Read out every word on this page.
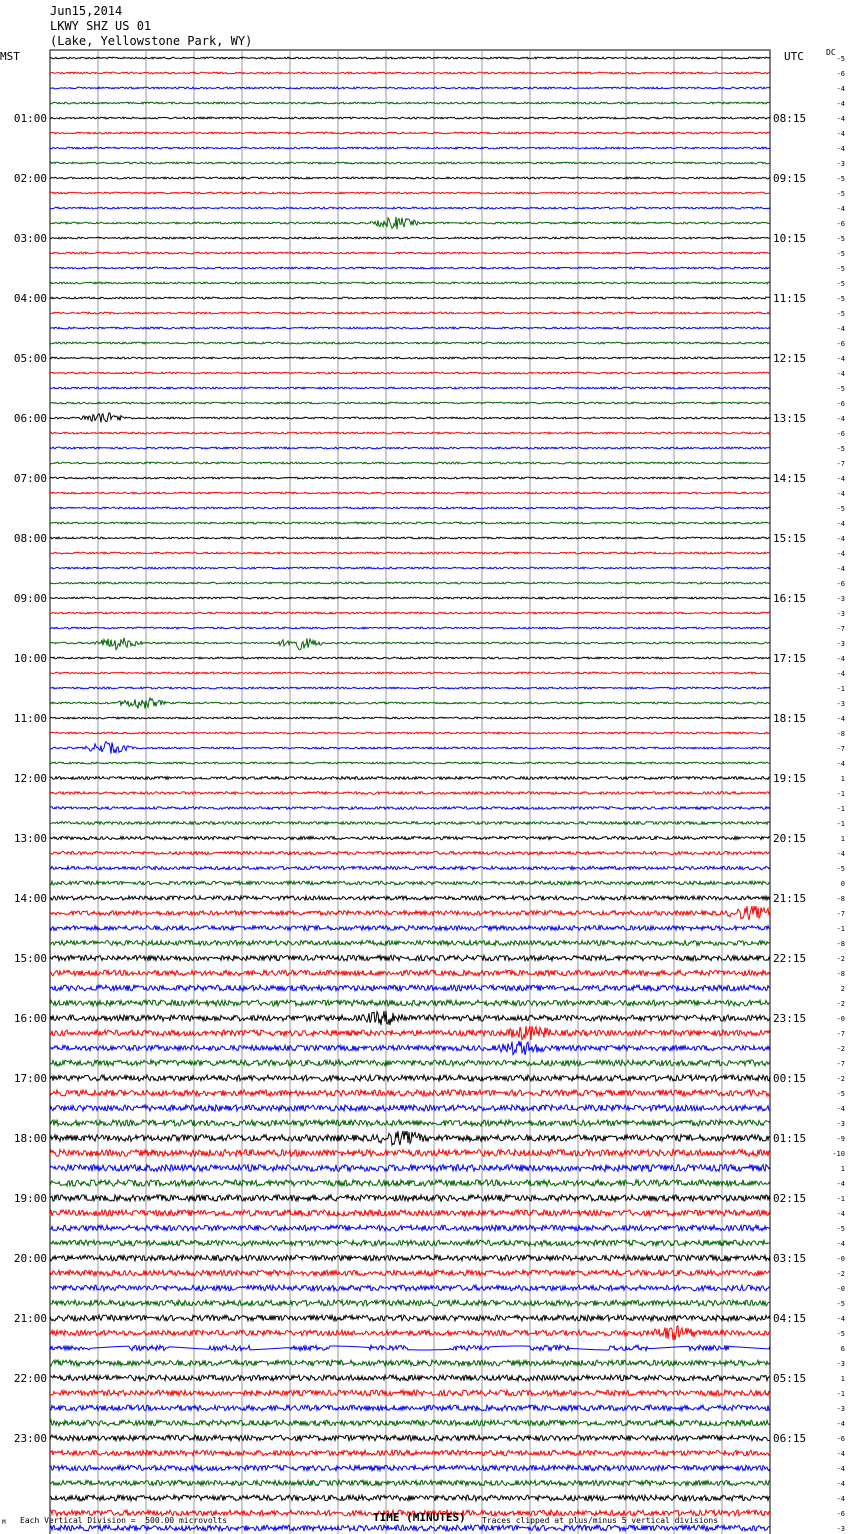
Jun15,2014
LKWY SHZ US 01
(Lake, Yellowstone Park, WY)
MST	UTC	DC
01:00	08:15
02:00	09:15
03:00	10:15
04:00	11:15
05:00	12:15
06:00	13:15
07:00	14:15
08:00	15:15
09:00	16:15
10:00	17:15
11:00	18:15
12:00	19:15
13:00	20:15
14:00	21:15
15:00	22:15
16:00	23:15
17:00	00:15
18:00	01:15
19:00	02:15
20:00	03:15
21:00	04:15
22:00	05:15
23:00	06:15
-5
-6
-4
-4
-4
-4
-4
-3
-5
-5
-4
-6
-5
-5
-5
-5
-5
-5
-4
-6
-4
-4
-5
-6
-4
-6
-5
-7
-4
-4
-5
-4
-4
-4
-4
-6
-3
-3
-7
-3
-4
-4
-1
-3
-4
-8
-7
-4
1
-1
-1
-1
1
-4
-5
0
-8
-7
-1
-8
-2
-8
2
-2
-0
-7
-2
-7
-2
-5
-4
-3
-9
-10
1
-4
-1
-4
-5
-4
-0
-2
-0
-5
-4
-5
6
-3
1
-1
-3
-4
-6
-4
-4
-4
-4
-6
-3
TIME (MINUTES)
Each Vertical Division =  500.00 microvolts	Traces clipped at plus/minus 5 vertical divisions
M
